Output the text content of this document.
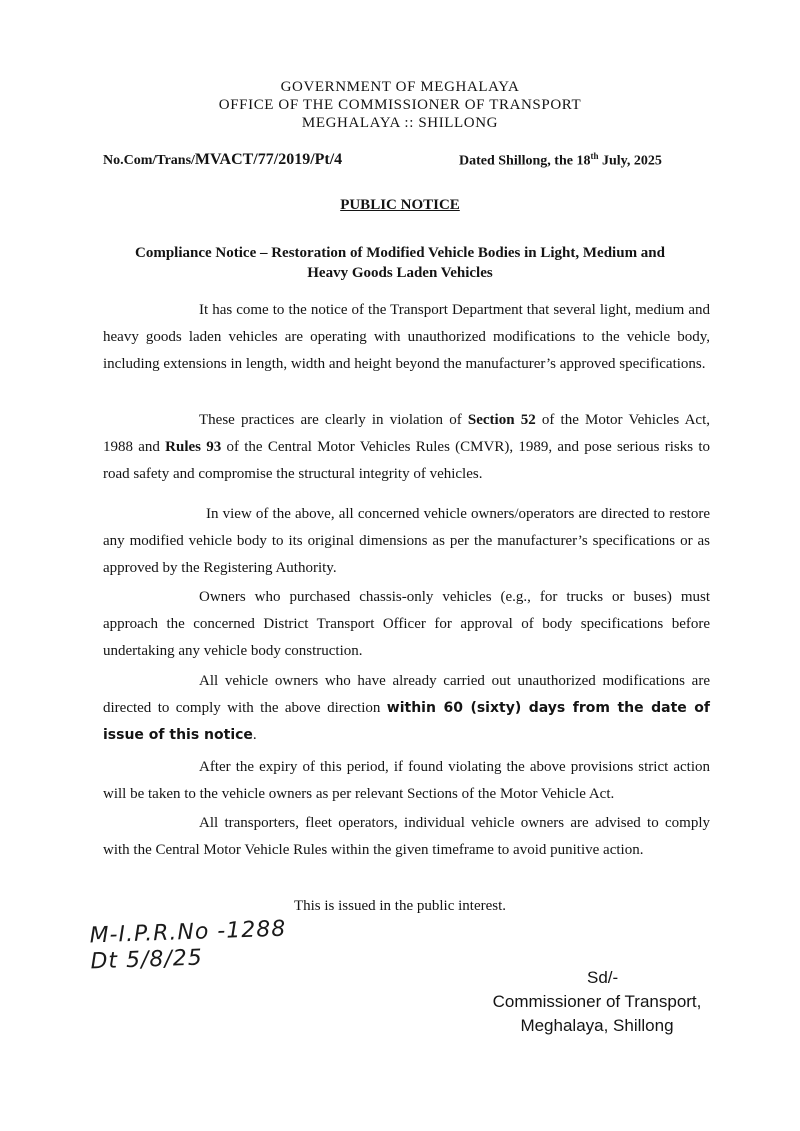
GOVERNMENT OF MEGHALAYA
OFFICE OF THE COMMISSIONER OF TRANSPORT
MEGHALAYA :: SHILLONG
No.Com/Trans/MVACT/77/2019/Pt/4	Dated Shillong, the 18th July, 2025
PUBLIC NOTICE
Compliance Notice – Restoration of Modified Vehicle Bodies in Light, Medium and
Heavy Goods Laden Vehicles

It has come to the notice of the Transport Department that several light, medium and heavy goods laden vehicles are operating with unauthorized modifications to the vehicle body, including extensions in length, width and height beyond the manufacturer’s approved specifications.

These practices are clearly in violation of Section 52 of the Motor Vehicles Act, 1988 and Rules 93 of the Central Motor Vehicles Rules (CMVR), 1989, and pose serious risks to road safety and compromise the structural integrity of vehicles.

In view of the above, all concerned vehicle owners/operators are directed to restore any modified vehicle body to its original dimensions as per the manufacturer’s specifications or as approved by the Registering Authority.

Owners who purchased chassis-only vehicles (e.g., for trucks or buses) must approach the concerned District Transport Officer for approval of body specifications before undertaking any vehicle body construction.

All vehicle owners who have already carried out unauthorized modifications are directed to comply with the above direction within 60 (sixty) days from the date of issue of this notice.

After the expiry of this period, if found violating the above provisions strict action will be taken to the vehicle owners as per relevant Sections of the Motor Vehicle Act.

All transporters, fleet operators, individual vehicle owners are advised to comply with the Central Motor Vehicle Rules within the given timeframe to avoid punitive action.

This is issued in the public interest.
M-I.P.R.No -1288
Dt 5/8/25
Sd/-
Commissioner of Transport,
Meghalaya, Shillong
